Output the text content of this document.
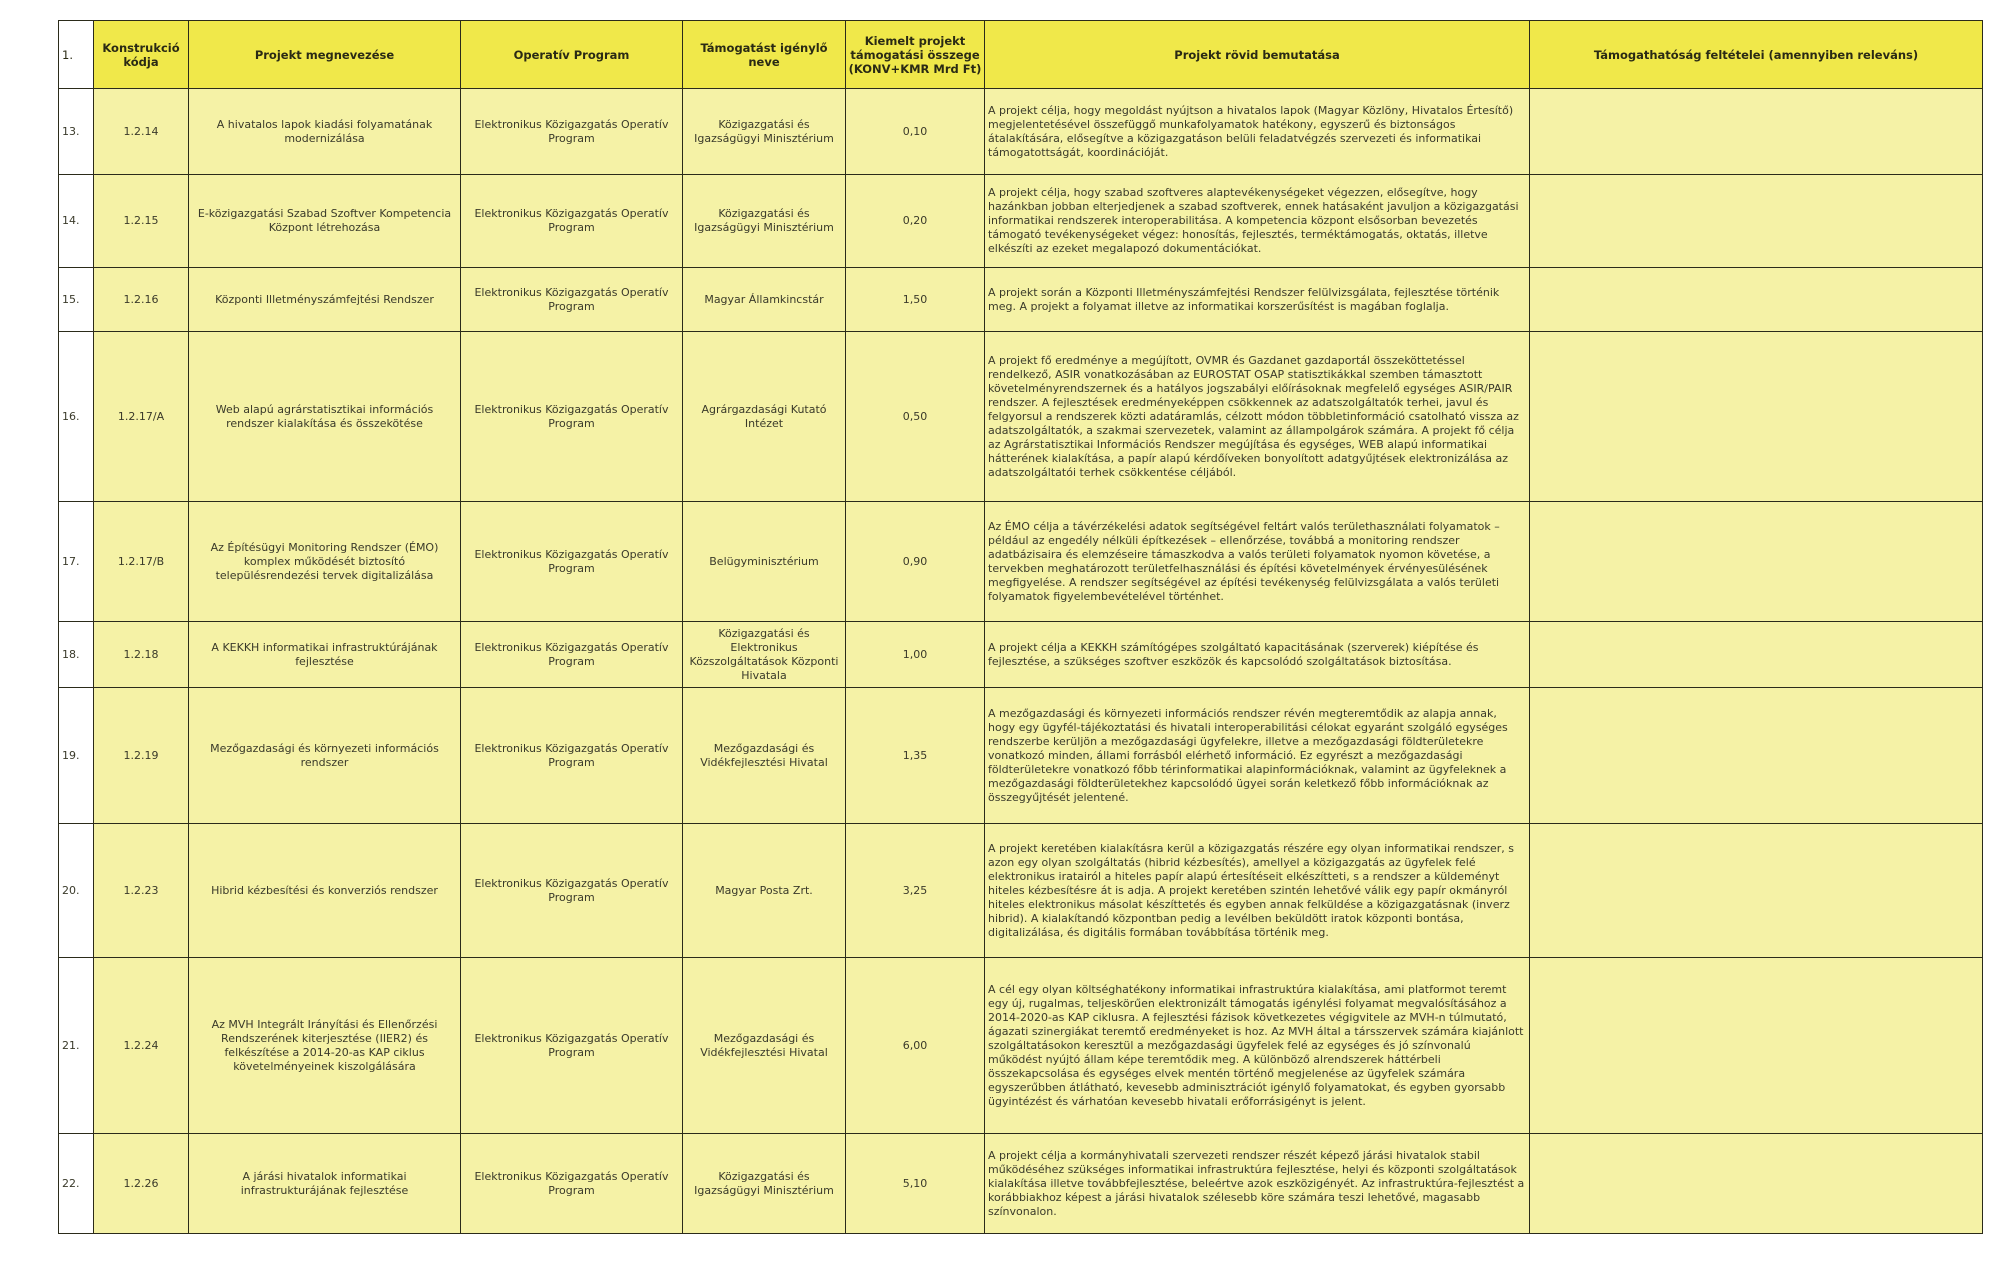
1.	Konstrukció kódja	Projekt megnevezése	Operatív Program	Támogatást igénylő neve	Kiemelt projekt támogatási összege (KONV+KMR Mrd Ft)	Projekt rövid bemutatása	Támogathatóság feltételei (amennyiben releváns)
13.	1.2.14	A hivatalos lapok kiadási folyamatának modernizálása	Elektronikus Közigazgatás Operatív Program	Közigazgatási és Igazságügyi Minisztérium	0,10	A projekt célja, hogy megoldást nyújtson a hivatalos lapok (Magyar Közlöny, Hivatalos Értesítő) megjelentetésével összefüggő munkafolyamatok hatékony, egyszerű és biztonságos átalakítására, elősegítve a közigazgatáson belüli feladatvégzés szervezeti és informatikai támogatottságát, koordinációját.	
14.	1.2.15	E-közigazgatási Szabad Szoftver Kompetencia Központ létrehozása	Elektronikus Közigazgatás Operatív Program	Közigazgatási és Igazságügyi Minisztérium	0,20	A projekt célja, hogy szabad szoftveres alaptevékenységeket végezzen, elősegítve, hogy hazánkban jobban elterjedjenek a szabad szoftverek, ennek hatásaként javuljon a közigazgatási informatikai rendszerek interoperabilitása. A kompetencia központ elsősorban bevezetés támogató tevékenységeket végez: honosítás, fejlesztés, terméktámogatás, oktatás, illetve elkészíti az ezeket megalapozó dokumentációkat.	
15.	1.2.16	Központi Illetményszámfejtési Rendszer	Elektronikus Közigazgatás Operatív Program	Magyar Államkincstár	1,50	A projekt során a Központi Illetményszámfejtési Rendszer felülvizsgálata, fejlesztése történik meg. A projekt a folyamat illetve az informatikai korszerűsítést is magában foglalja.	
16.	1.2.17/A	Web alapú agrárstatisztikai információs rendszer kialakítása és összekötése	Elektronikus Közigazgatás Operatív Program	Agrárgazdasági Kutató Intézet	0,50	A projekt fő eredménye a megújított, OVMR és Gazdanet gazdaportál összeköttetéssel rendelkező, ASIR vonatkozásában az EUROSTAT OSAP statisztikákkal szemben támasztott követelményrendszernek és a hatályos jogszabályi előírásoknak megfelelő egységes ASIR/PAIR rendszer. A fejlesztések eredményeképpen csökkennek az adatszolgáltatók terhei, javul és felgyorsul a rendszerek közti adatáramlás, célzott módon többletinformáció csatolható vissza az adatszolgáltatók, a szakmai szervezetek, valamint az állampolgárok számára. A projekt fő célja az Agrárstatisztikai Információs Rendszer megújítása és egységes, WEB alapú informatikai hátterének kialakítása, a papír alapú kérdőíveken bonyolított adatgyűjtések elektronizálása az adatszolgáltatói terhek csökkentése céljából.	
17.	1.2.17/B	Az Építésügyi Monitoring Rendszer (ÉMO) komplex működését biztosító településrendezési tervek digitalizálása	Elektronikus Közigazgatás Operatív Program	Belügyminisztérium	0,90	Az ÉMO célja a távérzékelési adatok segítségével feltárt valós területhasználati folyamatok – például az engedély nélküli építkezések – ellenőrzése, továbbá a monitoring rendszer adatbázisaira és elemzéseire támaszkodva a valós területi folyamatok nyomon követése, a tervekben meghatározott területfelhasználási és építési követelmények érvényesülésének megfigyelése. A rendszer segítségével az építési tevékenység felülvizsgálata a valós területi folyamatok figyelembevételével történhet.	
18.	1.2.18	A KEKKH informatikai infrastruktúrájának fejlesztése	Elektronikus Közigazgatás Operatív Program	Közigazgatási és Elektronikus Közszolgáltatások Központi Hivatala	1,00	A projekt célja a KEKKH számítógépes szolgáltató kapacitásának (szerverek) kiépítése és fejlesztése, a szükséges szoftver eszközök és kapcsolódó szolgáltatások biztosítása.	
19.	1.2.19	Mezőgazdasági és környezeti információs rendszer	Elektronikus Közigazgatás Operatív Program	Mezőgazdasági és Vidékfejlesztési Hivatal	1,35	A mezőgazdasági és környezeti információs rendszer révén megteremtődik az alapja annak, hogy egy ügyfél-tájékoztatási és hivatali interoperabilitási célokat egyaránt szolgáló egységes rendszerbe kerüljön a mezőgazdasági ügyfelekre, illetve a mezőgazdasági földterületekre vonatkozó minden, állami forrásból elérhető információ. Ez egyrészt a mezőgazdasági földterületekre vonatkozó főbb térinformatikai alapinformációknak, valamint az ügyfeleknek a mezőgazdasági földterületekhez kapcsolódó ügyei során keletkező főbb információknak az összegyűjtését jelentené.	
20.	1.2.23	Hibrid kézbesítési és konverziós rendszer	Elektronikus Közigazgatás Operatív Program	Magyar Posta Zrt.	3,25	A projekt keretében kialakításra kerül a közigazgatás részére egy olyan informatikai rendszer, s azon egy olyan szolgáltatás (hibrid kézbesítés), amellyel a közigazgatás az ügyfelek felé elektronikus iratairól a hiteles papír alapú értesítéseit elkészítteti, s a rendszer a küldeményt hiteles kézbesítésre át is adja. A projekt keretében szintén lehetővé válik egy papír okmányról hiteles elektronikus másolat készíttetés és egyben annak felküldése a közigazgatásnak (inverz hibrid). A kialakítandó központban pedig a levélben beküldött iratok központi bontása, digitalizálása, és digitális formában továbbítása történik meg.	
21.	1.2.24	Az MVH Integrált Irányítási és Ellenőrzési Rendszerének kiterjesztése (IIER2) és felkészítése a 2014-20-as KAP ciklus követelményeinek kiszolgálására	Elektronikus Közigazgatás Operatív Program	Mezőgazdasági és Vidékfejlesztési Hivatal	6,00	A cél egy olyan költséghatékony informatikai infrastruktúra kialakítása, ami platformot teremt egy új, rugalmas, teljeskörűen elektronizált támogatás igénylési folyamat megvalósításához a 2014-2020-as KAP ciklusra. A fejlesztési fázisok következetes végigvitele az MVH-n túlmutató, ágazati szinergiákat teremtő eredményeket is hoz. Az MVH által a társszervek számára kiajánlott szolgáltatásokon keresztül a mezőgazdasági ügyfelek felé az egységes és jó színvonalú működést nyújtó állam képe teremtődik meg. A különböző alrendszerek háttérbeli összekapcsolása és egységes elvek mentén történő megjelenése az ügyfelek számára egyszerűbben átlátható, kevesebb adminisztrációt igénylő folyamatokat, és egyben gyorsabb ügyintézést és várhatóan kevesebb hivatali erőforrásigényt is jelent.	
22.	1.2.26	A járási hivatalok informatikai infrastrukturájának fejlesztése	Elektronikus Közigazgatás Operatív Program	Közigazgatási és Igazságügyi Minisztérium	5,10	A projekt célja a kormányhivatali szervezeti rendszer részét képező járási hivatalok stabil működéséhez szükséges informatikai infrastruktúra fejlesztése, helyi és központi szolgáltatások kialakítása illetve továbbfejlesztése, beleértve azok eszközigényét. Az infrastruktúra-fejlesztést a korábbiakhoz képest a járási hivatalok szélesebb köre számára teszi lehetővé, magasabb színvonalon.	
